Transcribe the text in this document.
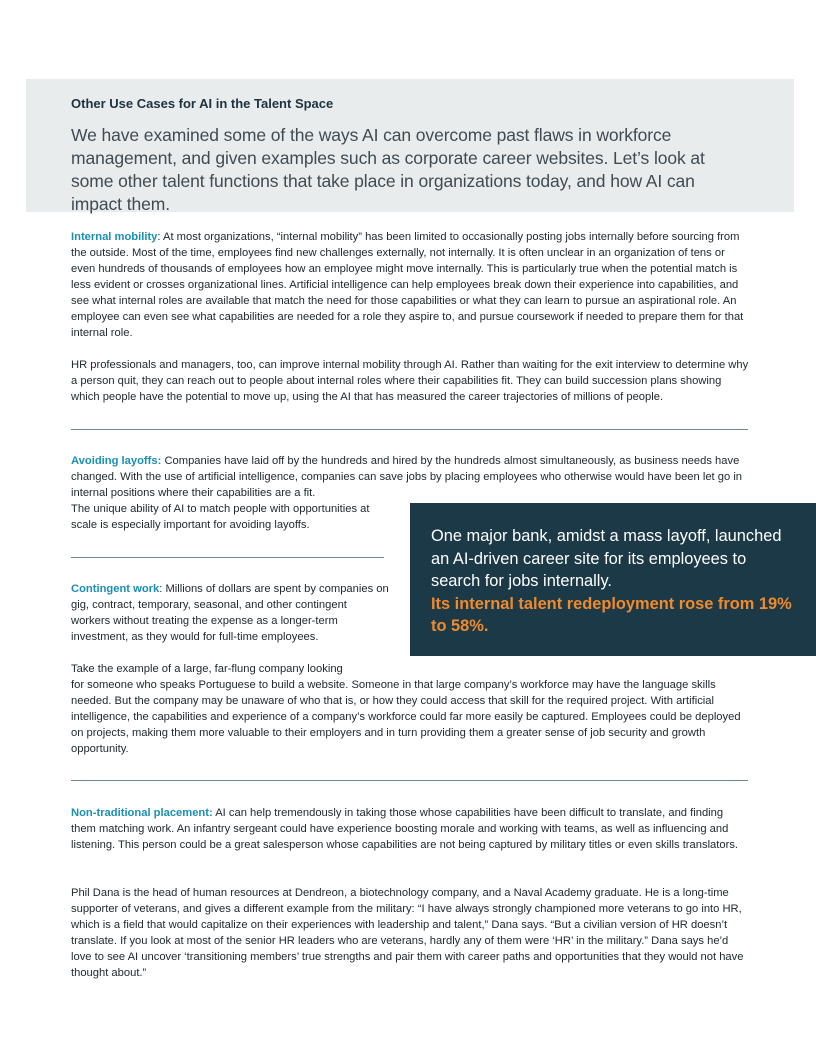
Other Use Cases for AI in the Talent Space

We have examined some of the ways AI can overcome past flaws in workforce management, and given examples such as corporate career websites. Let’s look at some other talent functions that take place in organizations today, and how AI can impact them.

Internal mobility: At most organizations, “internal mobility” has been limited to occasionally posting jobs internally before sourcing from the outside. Most of the time, employees find new challenges externally, not internally. It is often unclear in an organization of tens or even hundreds of thousands of employees how an employee might move internally. This is particularly true when the potential match is less evident or crosses organizational lines. Artificial intelligence can help employees break down their experience into capabilities, and see what internal roles are available that match the need for those capabilities or what they can learn to pursue an aspirational role. An employee can even see what capabilities are needed for a role they aspire to, and pursue coursework if needed to prepare them for that internal role.

HR professionals and managers, too, can improve internal mobility through AI. Rather than waiting for the exit interview to determine why a person quit, they can reach out to people about internal roles where their capabilities fit. They can build succession plans showing which people have the potential to move up, using the AI that has measured the career trajectories of millions of people.

Avoiding layoffs: Companies have laid off by the hundreds and hired by the hundreds almost simultaneously, as business needs have changed. With the use of artificial intelligence, companies can save jobs by placing employees who otherwise would have been let go in internal positions where their capabilities are a fit.

The unique ability of AI to match people with opportunities at scale is especially important for avoiding layoffs.

Contingent work: Millions of dollars are spent by companies on gig, contract, temporary, seasonal, and other contingent workers without treating the expense as a longer-term investment, as they would for full-time employees.

Take the example of a large, far-flung company looking

for someone who speaks Portuguese to build a website. Someone in that large company’s workforce may have the language skills needed. But the company may be unaware of who that is, or how they could access that skill for the required project. With artificial intelligence, the capabilities and experience of a company’s workforce could far more easily be captured. Employees could be deployed on projects, making them more valuable to their employers and in turn providing them a greater sense of job security and growth opportunity.

One major bank, amidst a mass layoff, launched an AI-driven career site for its employees to search for jobs internally.
Its internal talent redeployment rose from 19% to 58%.

Non-traditional placement: AI can help tremendously in taking those whose capabilities have been difficult to translate, and finding them matching work. An infantry sergeant could have experience boosting morale and working with teams, as well as influencing and listening. This person could be a great salesperson whose capabilities are not being captured by military titles or even skills translators.

Phil Dana is the head of human resources at Dendreon, a biotechnology company, and a Naval Academy graduate. He is a long-time supporter of veterans, and gives a different example from the military: “I have always strongly championed more veterans to go into HR, which is a field that would capitalize on their experiences with leadership and talent,” Dana says. “But a civilian version of HR doesn’t translate. If you look at most of the senior HR leaders who are veterans, hardly any of them were ‘HR’ in the military.” Dana says he’d love to see AI uncover ‘transitioning members’ true strengths and pair them with career paths and opportunities that they would not have thought about.”
